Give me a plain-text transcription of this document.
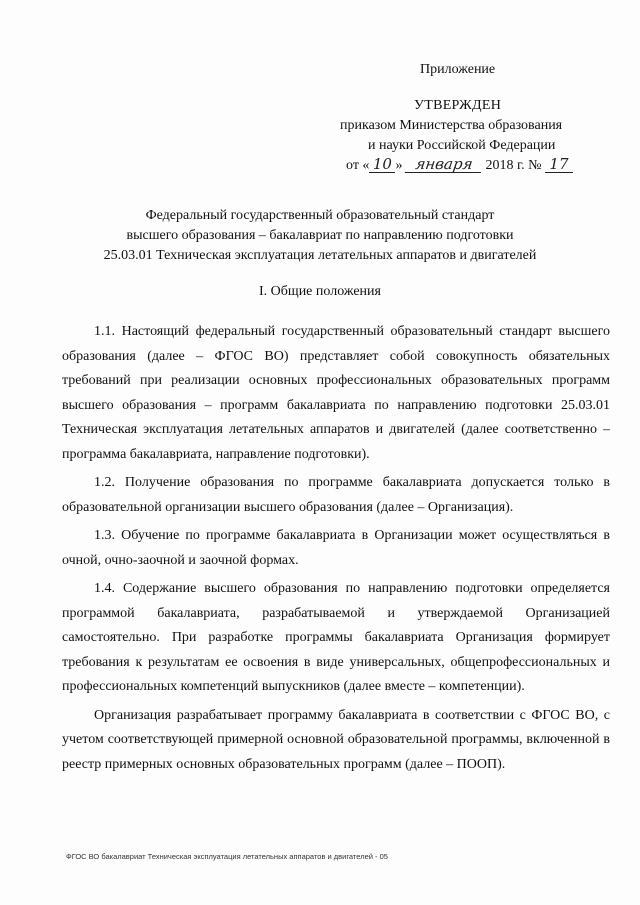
Приложение
УТВЕРЖДЕН
приказом Министерства образования
и науки Российской Федерации
от « 10 » января 2018 г. № 17
Федеральный государственный образовательный стандарт
высшего образования – бакалавриат по направлению подготовки
25.03.01 Техническая эксплуатация летательных аппаратов и двигателей
I. Общие положения

1.1. Настоящий федеральный государственный образовательный стандарт высшего образования (далее – ФГОС ВО) представляет собой совокупность обязательных требований при реализации основных профессиональных образовательных программ высшего образования – программ бакалавриата по направлению подготовки 25.03.01 Техническая эксплуатация летательных аппаратов и двигателей (далее соответственно – программа бакалавриата, направление подготовки).

1.2. Получение образования по программе бакалавриата допускается только в образовательной организации высшего образования (далее – Организация).

1.3. Обучение по программе бакалавриата в Организации может осуществляться в очной, очно-заочной и заочной формах.

1.4. Содержание высшего образования по направлению подготовки определяется программой бакалавриата, разрабатываемой и утверждаемой Организацией самостоятельно. При разработке программы бакалавриата Организация формирует требования к результатам ее освоения в виде универсальных, общепрофессиональных и профессиональных компетенций выпускников (далее вместе – компетенции).

Организация разрабатывает программу бакалавриата в соответствии с ФГОС ВО, с учетом соответствующей примерной основной образовательной программы, включенной в реестр примерных основных образовательных программ (далее – ПООП).

ФГОС ВО бакалавриат Техническая эксплуатация летательных аппаратов и двигателей - 05
